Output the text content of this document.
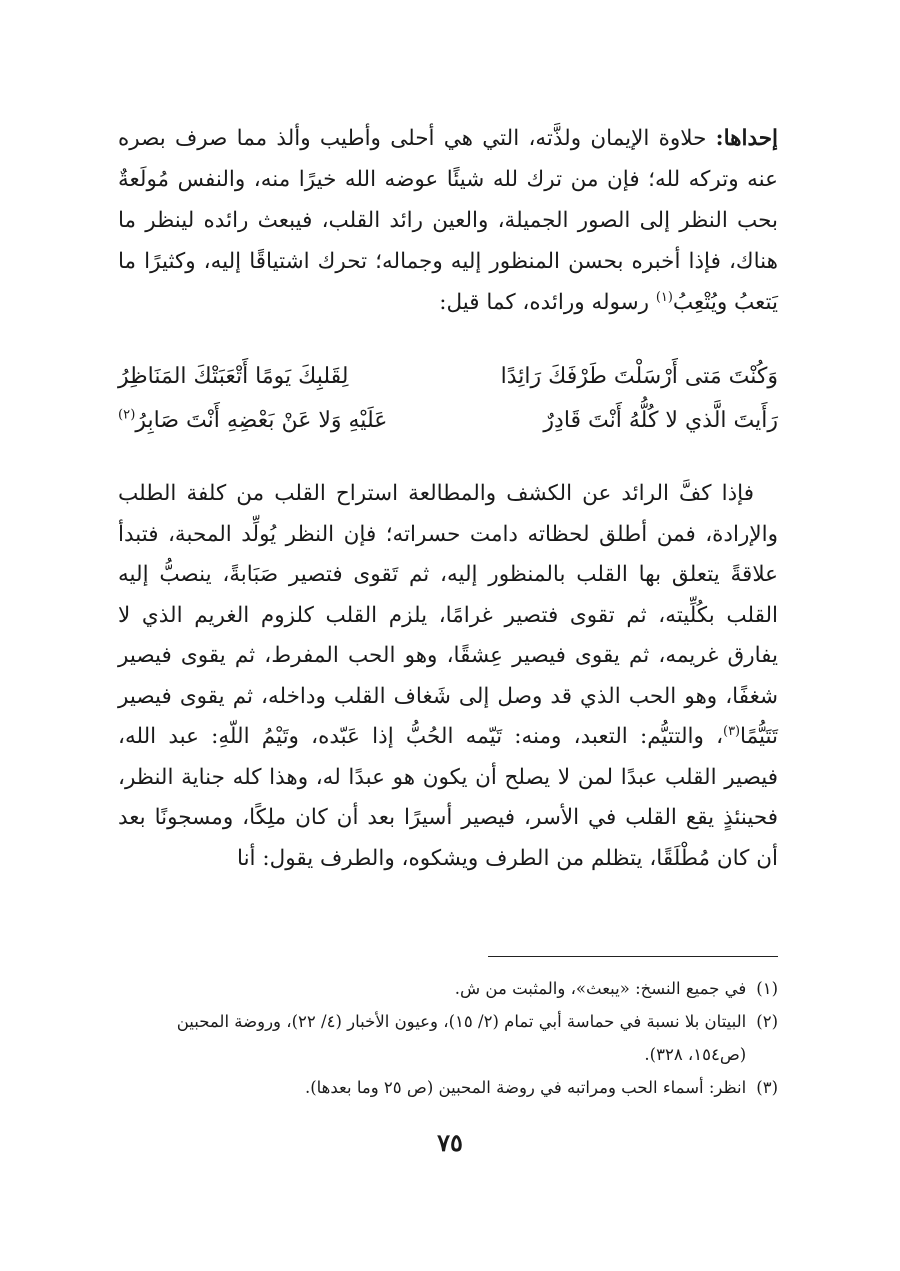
إحداها: حلاوة الإيمان ولذَّته، التي هي أحلى وأطيب وألذ مما صرف بصره عنه وتركه لله؛ فإن من ترك لله شيئًا عوضه الله خيرًا منه، والنفس مُولَعةٌ بحب النظر إلى الصور الجميلة، والعين رائد القلب، فيبعث رائده لينظر ما هناك، فإذا أخبره بحسن المنظور إليه وجماله؛ تحرك اشتياقًا إليه، وكثيرًا ما يَتعبُ ويُتْعِبُ$^{(١)}$ رسوله ورائده، كما قيل:

وَكُنْتَ مَتى أَرْسَلْتَ طَرْفَكَ رَائِدًا
لِقَلبِكَ يَومًا أَتْعَبَتْكَ المَنَاظِرُ
رَأَيتَ الَّذي لا كُلُّهُ أَنْتَ قَادِرٌ
عَلَيْهِ وَلا عَنْ بَعْضِهِ أَنْتَ صَابِرُ$^{(٢)}$

فإذا كفَّ الرائد عن الكشف والمطالعة استراح القلب من كلفة الطلب والإرادة، فمن أطلق لحظاته دامت حسراته؛ فإن النظر يُولِّد المحبة، فتبدأ علاقةً يتعلق بها القلب بالمنظور إليه، ثم تَقوى فتصير صَبَابةً، ينصبُّ إليه القلب بكُلِّيته، ثم تقوى فتصير غرامًا، يلزم القلب كلزوم الغريم الذي لا يفارق غريمه، ثم يقوى فيصير عِشقًا، وهو الحب المفرط، ثم يقوى فيصير شغفًا، وهو الحب الذي قد وصل إلى شَغاف القلب وداخله، ثم يقوى فيصير تَتَيُّمًا$^{(٣)}$، والتتيُّم: التعبد، ومنه: تَيّمه الحُبُّ إذا عَبّده، وتَيْمُ اللّهِ: عبد الله، فيصير القلب عبدًا لمن لا يصلح أن يكون هو عبدًا له، وهذا كله جناية النظر، فحينئذٍ يقع القلب في الأسر، فيصير أسيرًا بعد أن كان ملِكًا، ومسجونًا بعد أن كان مُطْلَقًا، يتظلم من الطرف ويشكوه، والطرف يقول: أنا

(١)
في جميع النسخ: «يبعث»، والمثبت من ش.
(٢)
البيتان بلا نسبة في حماسة أبي تمام (٢/ ١٥)، وعيون الأخبار (٤/ ٢٢)، وروضة المحبين (ص١٥٤، ٣٢٨).
(٣)
انظر: أسماء الحب ومراتبه في روضة المحبين (ص ٢٥ وما بعدها).
٧٥
